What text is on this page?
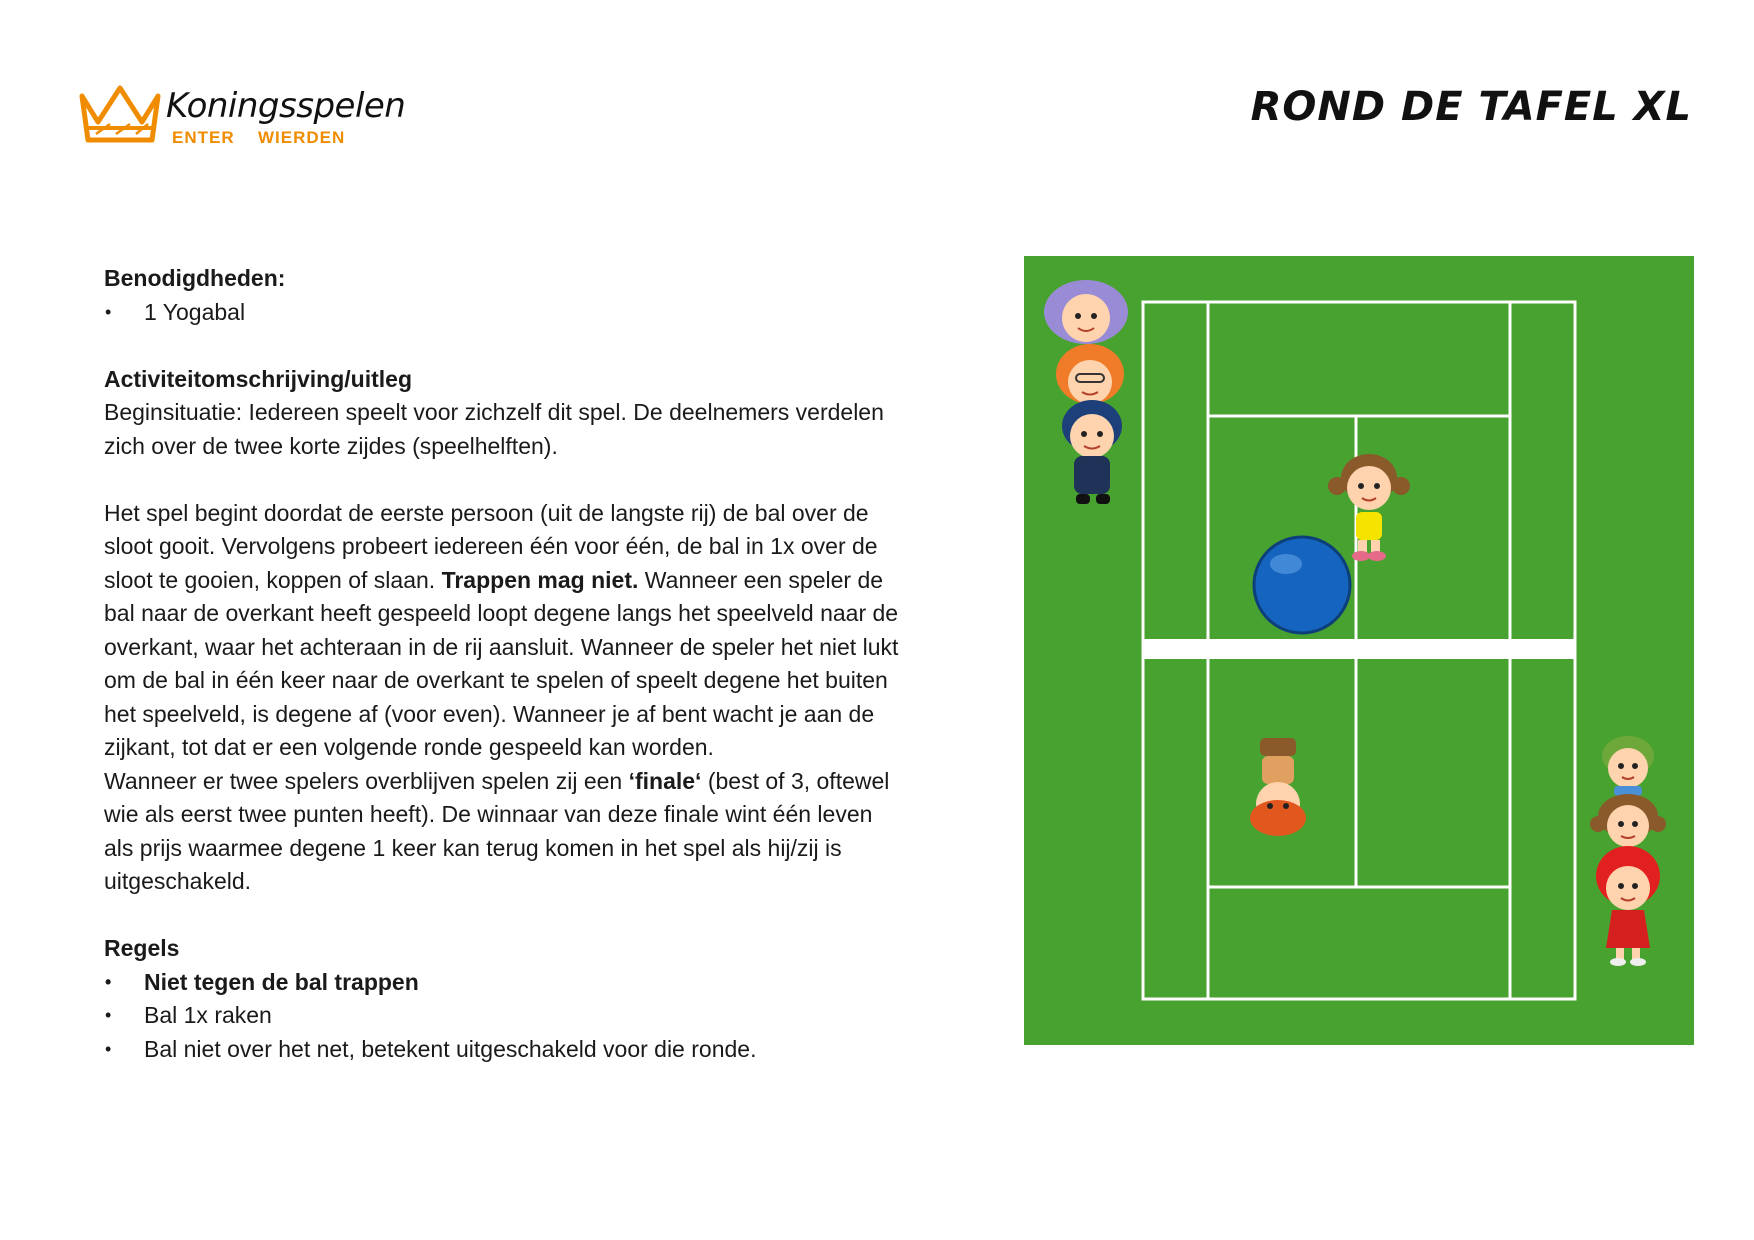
Koningsspelen
ENTER WIERDEN
ROND DE TAFEL XL
Benodigdheden:
• 1 Yogabal
Activiteitomschrijving/uitleg
Beginsituatie: Iedereen speelt voor zichzelf dit spel. De deelnemers verdelen
zich over de twee korte zijdes (speelhelften).
Het spel begint doordat de eerste persoon (uit de langste rij) de bal over de
sloot gooit. Vervolgens probeert iedereen één voor één, de bal in 1x over de
sloot te gooien, koppen of slaan. Trappen mag niet. Wanneer een speler de
bal naar de overkant heeft gespeeld loopt degene langs het speelveld naar de
overkant, waar het achteraan in de rij aansluit. Wanneer de speler het niet lukt
om de bal in één keer naar de overkant te spelen of speelt degene het buiten
het speelveld, is degene af (voor even). Wanneer je af bent wacht je aan de
zijkant, tot dat er een volgende ronde gespeeld kan worden.
Wanneer er twee spelers overblijven spelen zij een ‘finale‘ (best of 3, oftewel
wie als eerst twee punten heeft). De winnaar van deze finale wint één leven
als prijs waarmee degene 1 keer kan terug komen in het spel als hij/zij is
uitgeschakeld.
Regels
• Niet tegen de bal trappen
• Bal 1x raken
• Bal niet over het net, betekent uitgeschakeld voor die ronde.
